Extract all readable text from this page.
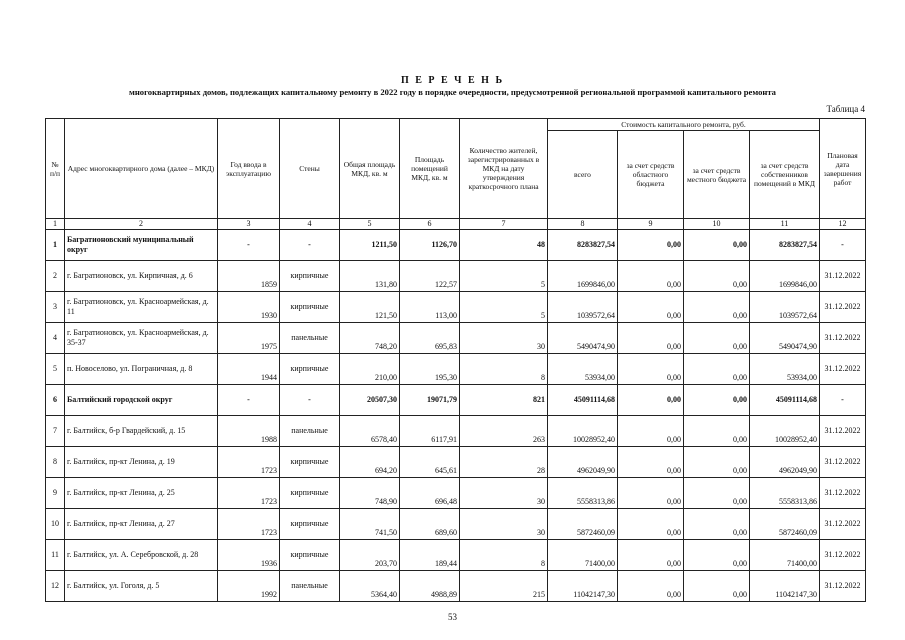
П Е Р Е Ч Е Н Ь
многоквартирных домов, подлежащих капитальному ремонту в 2022 году в порядке очередности, предусмотренной региональной программой капитального ремонта
Таблица 4
№ п/п	Адрес многоквартирного дома (далее – МКД)	Год ввода в эксплуатацию	Стены	Общая площадь МКД, кв. м	Площадь помещений МКД, кв. м	Количество жителей, зарегистрированных в МКД на дату утверждения краткосрочного плана	Стоимость капитального ремонта, руб.				Плановая дата завершения работ
							всего	за счет средств областного бюджета	за счет средств местного бюджета	за счет средств собственников помещений в МКД	
1	2	3	4	5	6	7	8	9	10	11	12
1	Багратионовский муниципальный округ	-	-	1211,50	1126,70	48	8283827,54	0,00	0,00	8283827,54	-
2	г. Багратионовск, ул. Кирпичная, д. 6	1859	кирпичные	131,80	122,57	5	1699846,00	0,00	0,00	1699846,00	31.12.2022
3	г. Багратионовск, ул. Красноармейская, д. 11	1930	кирпичные	121,50	113,00	5	1039572,64	0,00	0,00	1039572,64	31.12.2022
4	г. Багратионовск, ул. Красноармейская, д. 35-37	1975	панельные	748,20	695,83	30	5490474,90	0,00	0,00	5490474,90	31.12.2022
5	п. Новоселово, ул. Пограничная, д. 8	1944	кирпичные	210,00	195,30	8	53934,00	0,00	0,00	53934,00	31.12.2022
6	Балтийский городской округ	-	-	20507,30	19071,79	821	45091114,68	0,00	0,00	45091114,68	-
7	г. Балтийск, б-р Гвардейский, д. 15	1988	панельные	6578,40	6117,91	263	10028952,40	0,00	0,00	10028952,40	31.12.2022
8	г. Балтийск, пр-кт Ленина, д. 19	1723	кирпичные	694,20	645,61	28	4962049,90	0,00	0,00	4962049,90	31.12.2022
9	г. Балтийск, пр-кт Ленина, д. 25	1723	кирпичные	748,90	696,48	30	5558313,86	0,00	0,00	5558313,86	31.12.2022
10	г. Балтийск, пр-кт Ленина, д. 27	1723	кирпичные	741,50	689,60	30	5872460,09	0,00	0,00	5872460,09	31.12.2022
11	г. Балтийск, ул. А. Серебровской, д. 28	1936	кирпичные	203,70	189,44	8	71400,00	0,00	0,00	71400,00	31.12.2022
12	г. Балтийск, ул. Гоголя, д. 5	1992	панельные	5364,40	4988,89	215	11042147,30	0,00	0,00	11042147,30	31.12.2022
53
